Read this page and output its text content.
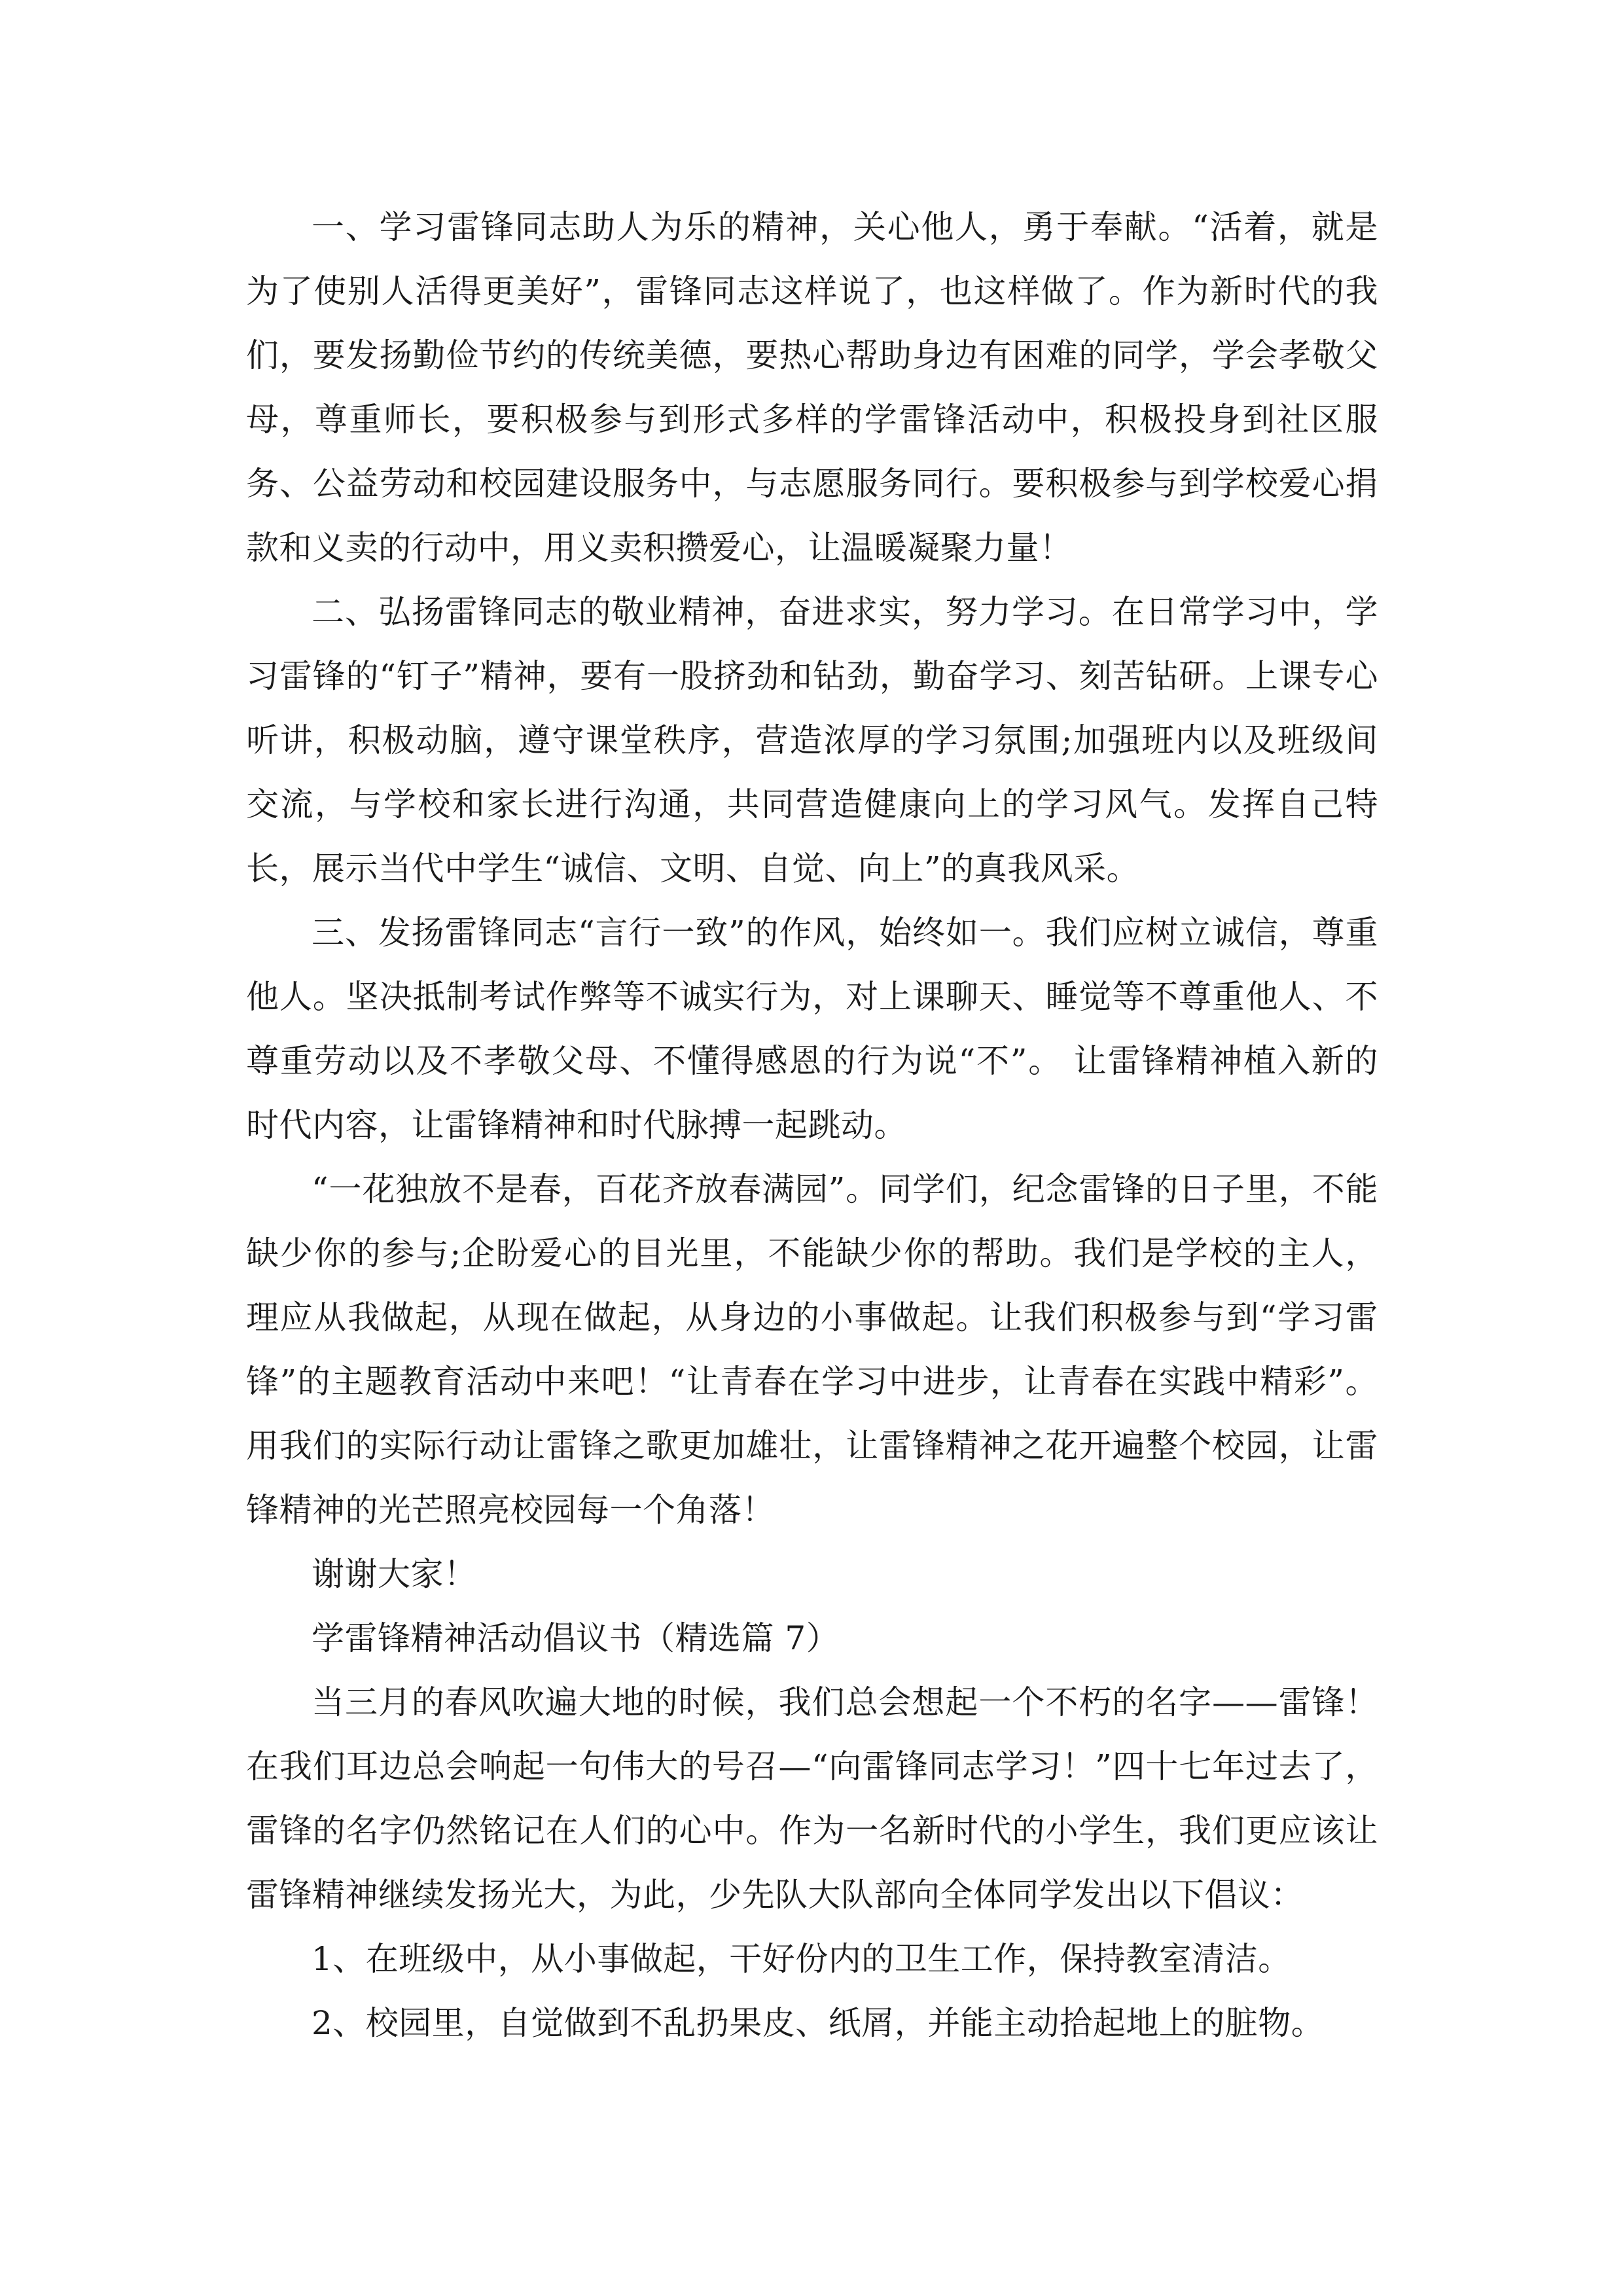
一、学习雷锋同志助人为乐的精神，关心他人，勇于奉献。“活着，就是为了使别人活得更美好”，雷锋同志这样说了，也这样做了。作为新时代的我们，要发扬勤俭节约的传统美德，要热心帮助身边有困难的同学，学会孝敬父母，尊重师长，要积极参与到形式多样的学雷锋活动中，积极投身到社区服务、公益劳动和校园建设服务中，与志愿服务同行。要积极参与到学校爱心捐款和义卖的行动中，用义卖积攒爱心，让温暖凝聚力量！

二、弘扬雷锋同志的敬业精神，奋进求实，努力学习。在日常学习中，学习雷锋的“钉子”精神，要有一股挤劲和钻劲，勤奋学习、刻苦钻研。上课专心听讲，积极动脑，遵守课堂秩序，营造浓厚的学习氛围;加强班内以及班级间交流，与学校和家长进行沟通，共同营造健康向上的学习风气。发挥自己特长，展示当代中学生“诚信、文明、自觉、向上”的真我风采。

三、发扬雷锋同志“言行一致”的作风，始终如一。我们应树立诚信，尊重他人。坚决抵制考试作弊等不诚实行为，对上课聊天、睡觉等不尊重他人、不尊重劳动以及不孝敬父母、不懂得感恩的行为说“不”。 让雷锋精神植入新的时代内容，让雷锋精神和时代脉搏一起跳动。

“一花独放不是春，百花齐放春满园”。同学们，纪念雷锋的日子里，不能缺少你的参与;企盼爱心的目光里，不能缺少你的帮助。我们是学校的主人，理应从我做起，从现在做起，从身边的小事做起。让我们积极参与到“学习雷锋”的主题教育活动中来吧！“让青春在学习中进步，让青春在实践中精彩”。用我们的实际行动让雷锋之歌更加雄壮，让雷锋精神之花开遍整个校园，让雷锋精神的光芒照亮校园每一个角落！

谢谢大家！

学雷锋精神活动倡议书（精选篇 7）

当三月的春风吹遍大地的时候，我们总会想起一个不朽的名字——雷锋！在我们耳边总会响起一句伟大的号召—“向雷锋同志学习！”四十七年过去了，雷锋的名字仍然铭记在人们的心中。作为一名新时代的小学生，我们更应该让雷锋精神继续发扬光大，为此，少先队大队部向全体同学发出以下倡议：

1、在班级中，从小事做起，干好份内的卫生工作，保持教室清洁。

2、校园里，自觉做到不乱扔果皮、纸屑，并能主动拾起地上的脏物。
